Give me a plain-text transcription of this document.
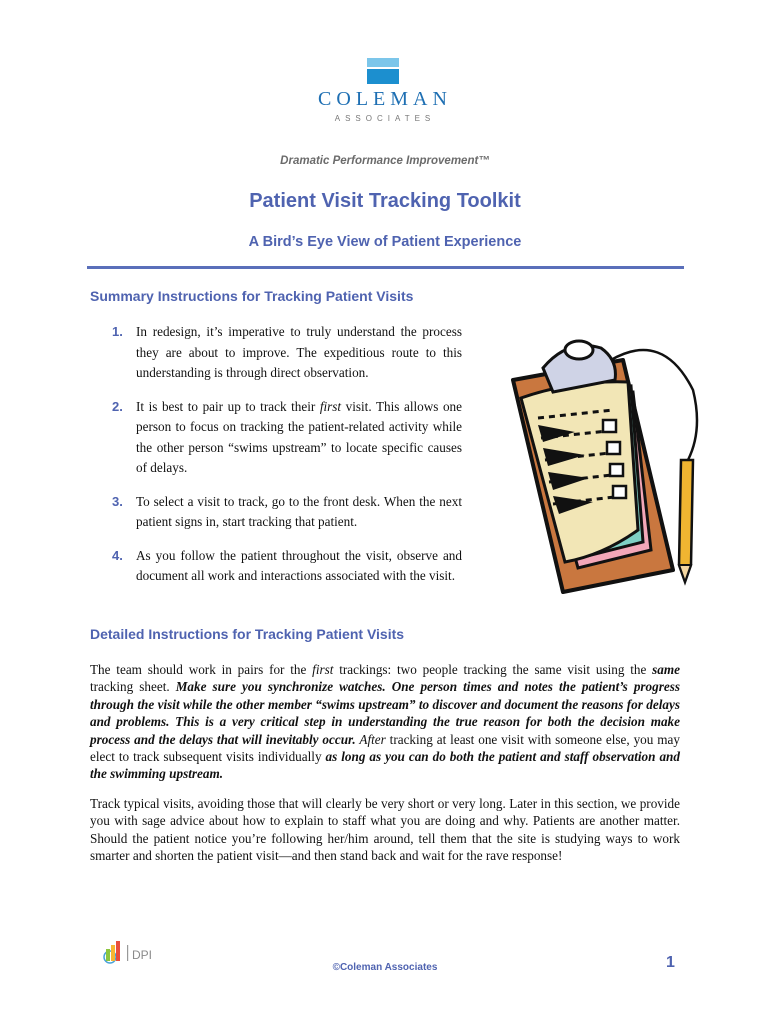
COLEMAN
ASSOCIATES
Dramatic Performance Improvement™
Patient Visit Tracking Toolkit
A Bird’s Eye View of Patient Experience
Summary Instructions for Tracking Patient Visits
1. In redesign, it’s imperative to truly understand the process they are about to improve. The expeditious route to this understanding is through direct observation.
2. It is best to pair up to track their first visit. This allows one person to focus on tracking the patient-related activity while the other person “swims upstream” to locate specific causes of delays.
3. To select a visit to track, go to the front desk. When the next patient signs in, start tracking that patient.
4. As you follow the patient throughout the visit, observe and document all work and interactions associated with the visit.
Detailed Instructions for Tracking Patient Visits

The team should work in pairs for the first trackings: two people tracking the same visit using the same tracking sheet. Make sure you synchronize watches. One person times and notes the patient’s progress through the visit while the other member “swims upstream” to discover and document the reasons for delays and problems. This is a very critical step in understanding the true reason for both the decision make process and the delays that will inevitably occur. After tracking at least one visit with someone else, you may elect to track subsequent visits individually as long as you can do both the patient and staff observation and the swimming upstream.

Track typical visits, avoiding those that will clearly be very short or very long. Later in this section, we provide you with sage advice about how to explain to staff what you are doing and why. Patients are another matter. Should the patient notice you’re following her/him around, tell them that the site is studying ways to work smarter and shorten the patient visit—and then stand back and wait for the rave response!

DPI
©Coleman Associates	1
